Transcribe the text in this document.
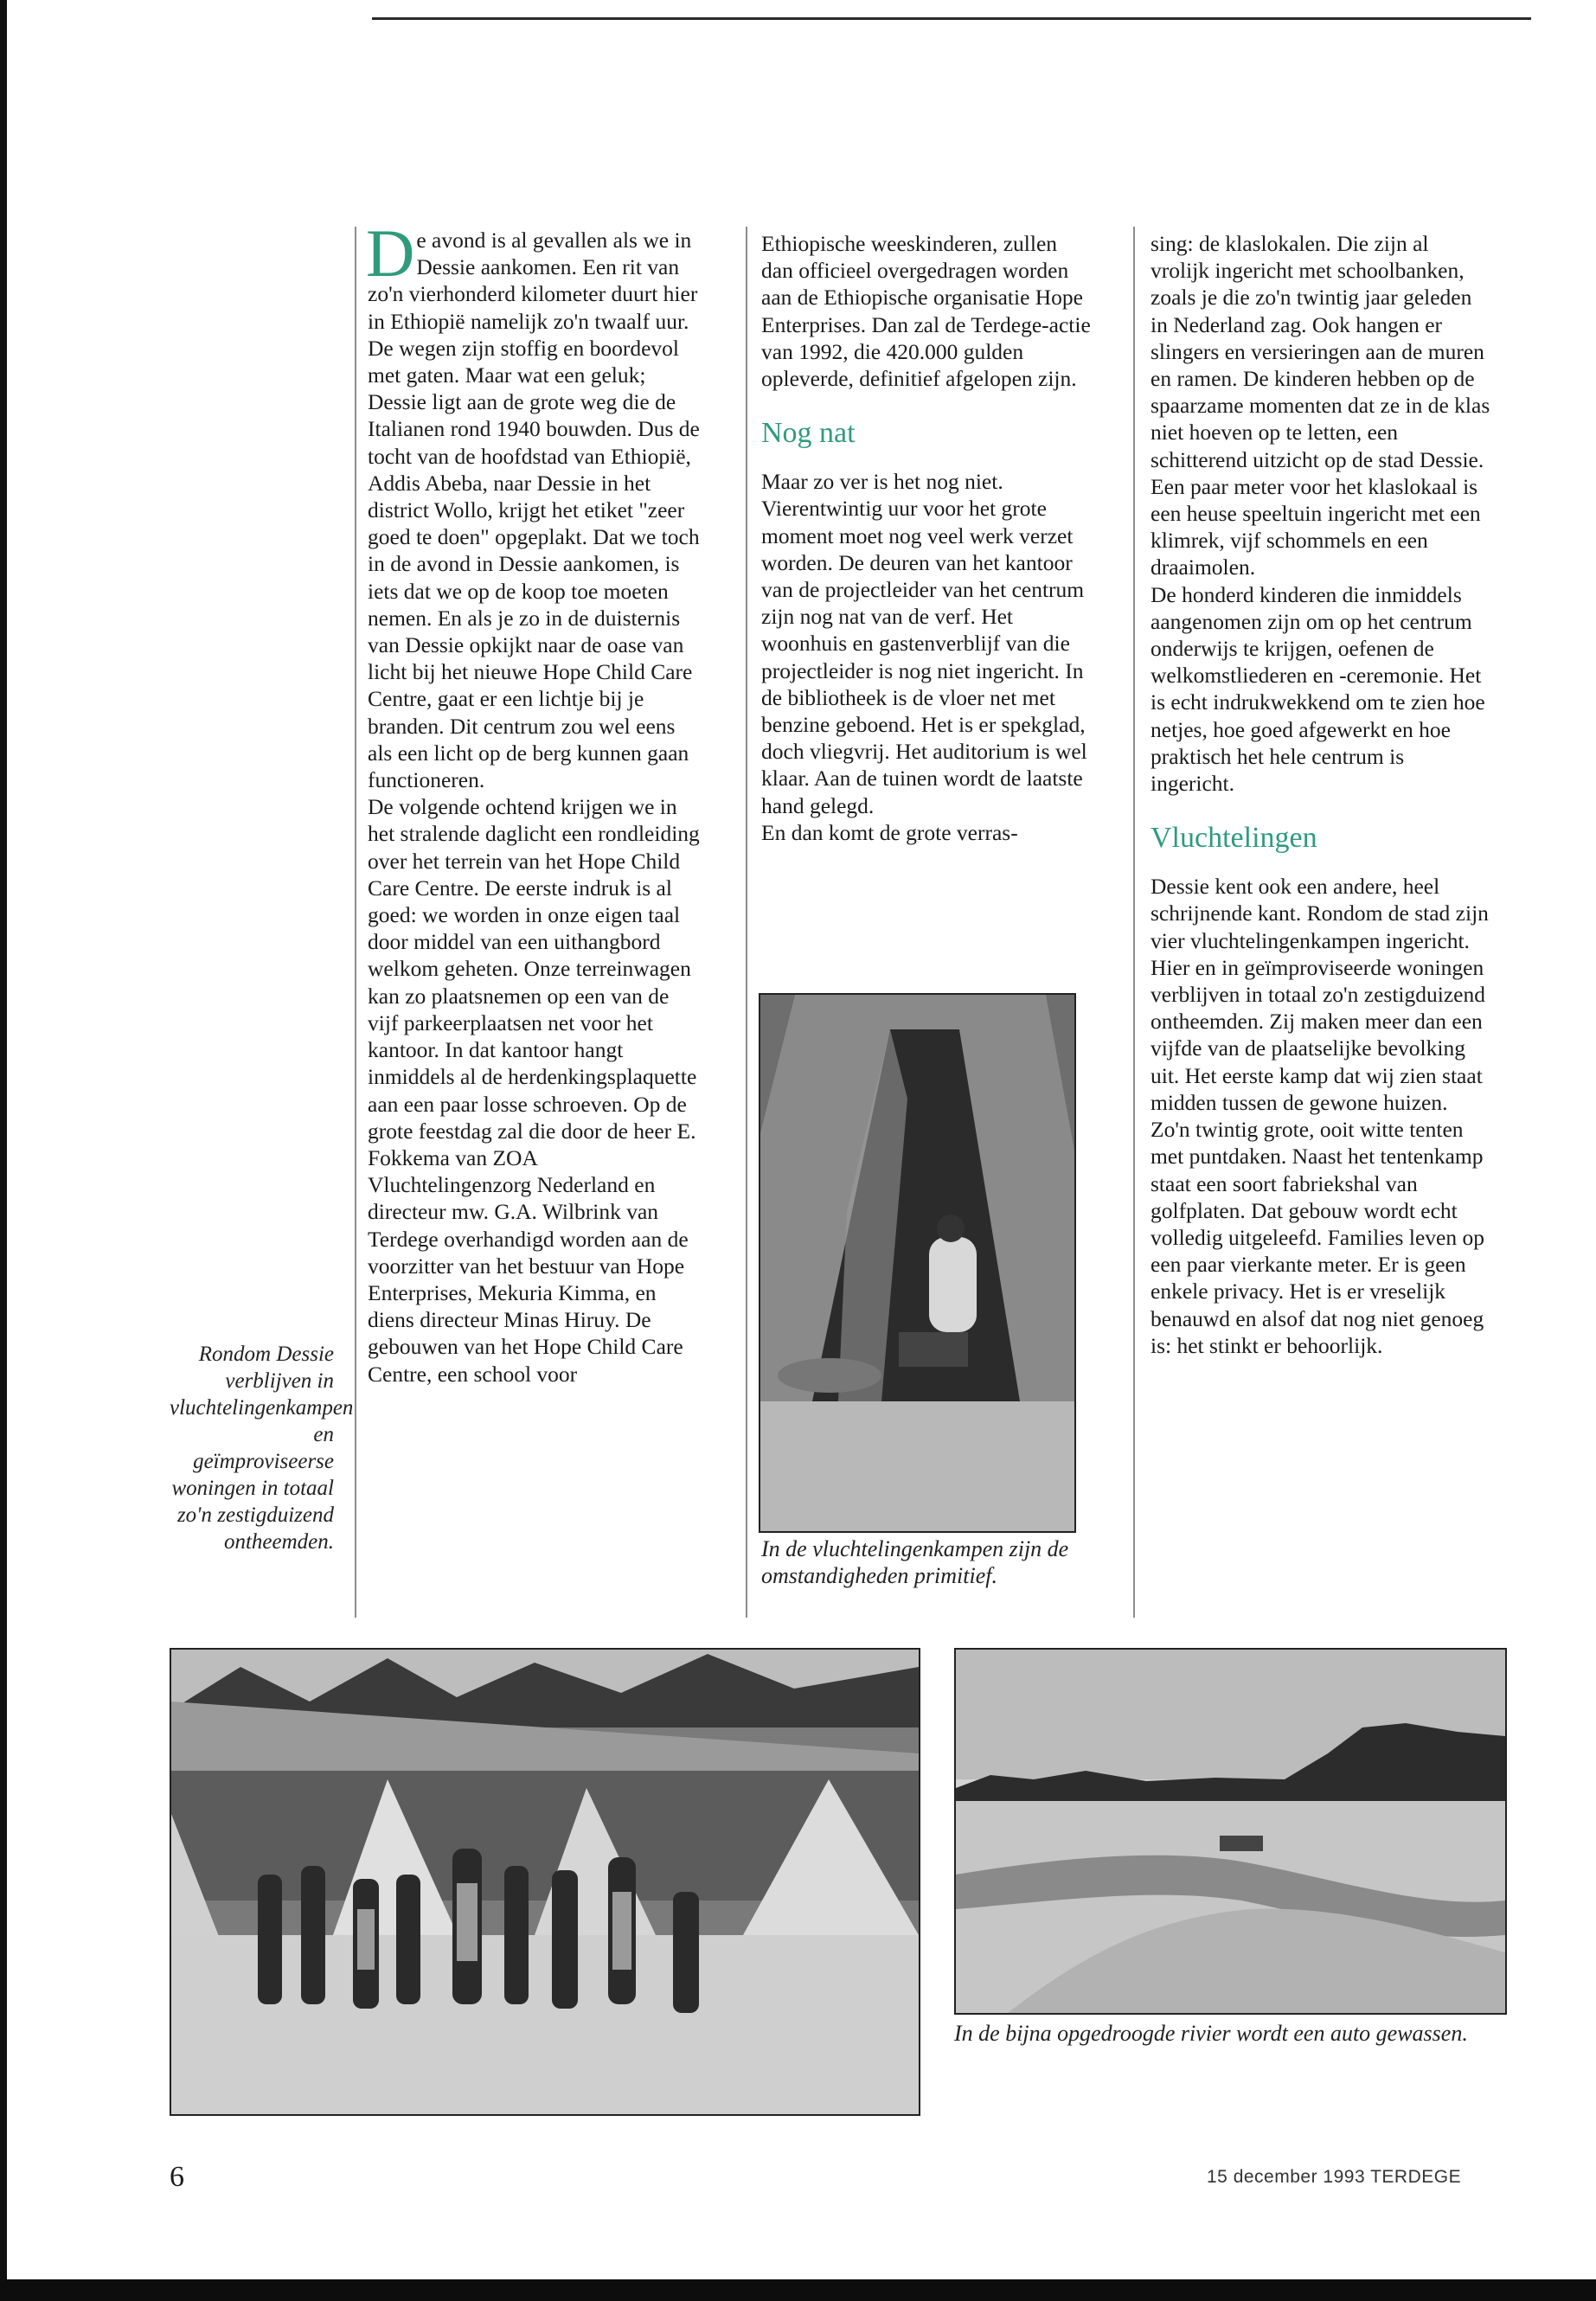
De avond is al gevallen als we in Dessie aankomen. Een rit van zo'n vierhonderd kilometer duurt hier in Ethiopië namelijk zo'n twaalf uur. De wegen zijn stoffig en boordevol met gaten. Maar wat een geluk; Dessie ligt aan de grote weg die de Italianen rond 1940 bouwden. Dus de tocht van de hoofdstad van Ethiopië, Addis Abeba, naar Dessie in het district Wollo, krijgt het etiket "zeer goed te doen" opgeplakt. Dat we toch in de avond in Dessie aankomen, is iets dat we op de koop toe moeten nemen. En als je zo in de duisternis van Dessie opkijkt naar de oase van licht bij het nieuwe Hope Child Care Centre, gaat er een lichtje bij je branden. Dit centrum zou wel eens als een licht op de berg kunnen gaan functioneren.

De volgende ochtend krijgen we in het stralende daglicht een rondleiding over het terrein van het Hope Child Care Centre. De eerste indruk is al goed: we worden in onze eigen taal door middel van een uithangbord welkom geheten. Onze terreinwagen kan zo plaatsnemen op een van de vijf parkeerplaatsen net voor het kantoor. In dat kantoor hangt inmiddels al de herdenkingsplaquette aan een paar losse schroeven. Op de grote feestdag zal die door de heer E. Fokkema van ZOA Vluchtelingenzorg Nederland en directeur mw. G.A. Wilbrink van Terdege overhandigd worden aan de voorzitter van het bestuur van Hope Enterprises, Mekuria Kimma, en diens directeur Minas Hiruy. De gebouwen van het Hope Child Care Centre, een school voor

Ethiopische weeskinderen, zullen dan officieel overgedragen worden aan de Ethiopische organisatie Hope Enterprises. Dan zal de Terdege-actie van 1992, die 420.000 gulden opleverde, definitief afgelopen zijn.

Nog nat

Maar zo ver is het nog niet. Vierentwintig uur voor het grote moment moet nog veel werk verzet worden. De deuren van het kantoor van de projectleider van het centrum zijn nog nat van de verf. Het woonhuis en gastenverblijf van die projectleider is nog niet ingericht. In de bibliotheek is de vloer net met benzine geboend. Het is er spekglad, doch vliegvrij. Het auditorium is wel klaar. Aan de tuinen wordt de laatste hand gelegd.

En dan komt de grote verras-

sing: de klaslokalen. Die zijn al vrolijk ingericht met schoolbanken, zoals je die zo'n twintig jaar geleden in Nederland zag. Ook hangen er slingers en versieringen aan de muren en ramen. De kinderen hebben op de spaarzame momenten dat ze in de klas niet hoeven op te letten, een schitterend uitzicht op de stad Dessie. Een paar meter voor het klaslokaal is een heuse speeltuin ingericht met een klimrek, vijf schommels en een draaimolen.

De honderd kinderen die inmiddels aangenomen zijn om op het centrum onderwijs te krijgen, oefenen de welkomstliederen en -ceremonie. Het is echt indrukwekkend om te zien hoe netjes, hoe goed afgewerkt en hoe praktisch het hele centrum is ingericht.

Vluchtelingen

Dessie kent ook een andere, heel schrijnende kant. Rondom de stad zijn vier vluchtelingenkampen ingericht. Hier en in geïmproviseerde woningen verblijven in totaal zo'n zestigduizend ontheemden. Zij maken meer dan een vijfde van de plaatselijke bevolking uit. Het eerste kamp dat wij zien staat midden tussen de gewone huizen. Zo'n twintig grote, ooit witte tenten met puntdaken. Naast het tentenkamp staat een soort fabriekshal van golfplaten. Dat gebouw wordt echt volledig uitgeleefd. Families leven op een paar vierkante meter. Er is geen enkele privacy. Het is er vreselijk benauwd en alsof dat nog niet genoeg is: het stinkt er behoorlijk.

Rondom Dessie verblijven in vluchtelingenkampen en geïmproviseerse woningen in totaal zo'n zestigduizend ontheemden.	In de vluchtelingenkampen zijn de omstandigheden primitief.
In de bijna opgedroogde rivier wordt een auto gewassen.
6	15 december 1993 TERDEGE
